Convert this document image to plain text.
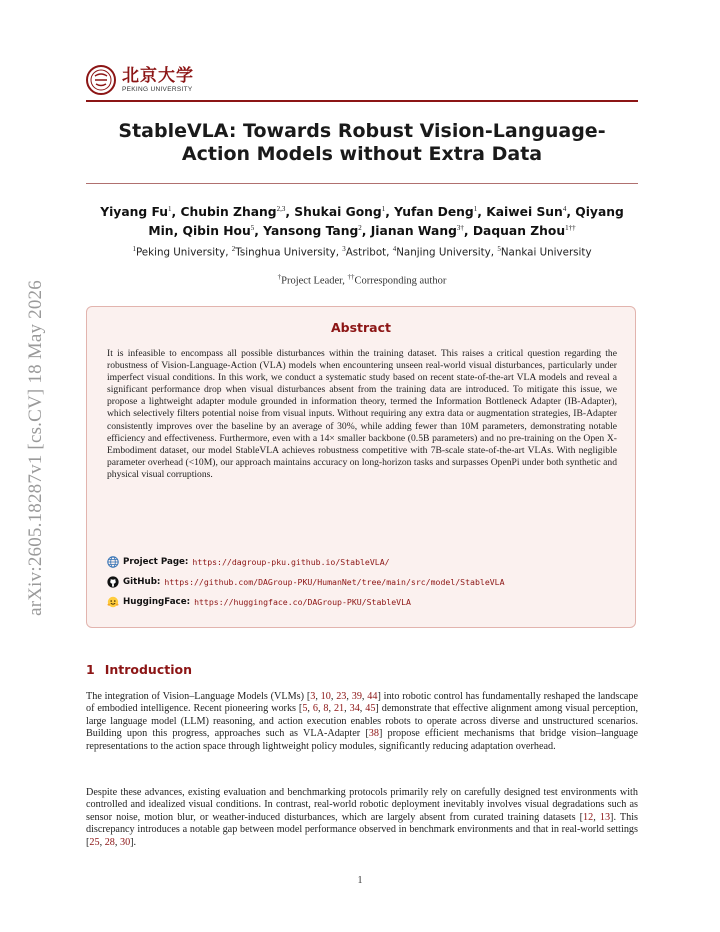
arXiv:2605.18287v1 [cs.CV] 18 May 2026
北京大学
PEKING UNIVERSITY
StableVLA: Towards Robust Vision-Language-Action Models without Extra Data
Yiyang Fu$^1$, Chubin Zhang$^{2,3}$, Shukai Gong$^1$, Yufan Deng$^1$, Kaiwei Sun$^4$, Qiyang Min, Qibin Hou$^5$, Yansong Tang$^2$, Jianan Wang$^{3\dagger}$, Daquan Zhou$^{1\dagger\dagger}$
$^1$Peking University, $^2$Tsinghua University, $^3$Astribot, $^4$Nanjing University, $^5$Nankai University
†Project Leader, ††Corresponding author
Abstract
It is infeasible to encompass all possible disturbances within the training dataset. This raises a critical question regarding the robustness of Vision-Language-Action (VLA) models when encountering unseen real-world visual disturbances, particularly under imperfect visual conditions. In this work, we conduct a systematic study based on recent state-of-the-art VLA models and reveal a significant performance drop when visual disturbances absent from the training data are introduced. To mitigate this issue, we propose a lightweight adapter module grounded in information theory, termed the Information Bottleneck Adapter (IB-Adapter), which selectively filters potential noise from visual inputs. Without requiring any extra data or augmentation strategies, IB-Adapter consistently improves over the baseline by an average of 30%, while adding fewer than 10M parameters, demonstrating notable efficiency and effectiveness. Furthermore, even with a 14× smaller backbone (0.5B parameters) and no pre-training on the Open X-Embodiment dataset, our model StableVLA achieves robustness competitive with 7B-scale state-of-the-art VLAs. With negligible parameter overhead (<10M), our approach maintains accuracy on long-horizon tasks and surpasses OpenPi under both synthetic and physical visual corruptions.
Project Page: https://dagroup-pku.github.io/StableVLA/
GitHub: https://github.com/DAGroup-PKU/HumanNet/tree/main/src/model/StableVLA
HuggingFace: https://huggingface.co/DAGroup-PKU/StableVLA
1 Introduction
The integration of Vision–Language Models (VLMs) [3, 10, 23, 39, 44] into robotic control has fundamentally reshaped the landscape of embodied intelligence. Recent pioneering works [5, 6, 8, 21, 34, 45] demonstrate that effective alignment among visual perception, large language model (LLM) reasoning, and action execution enables robots to operate across diverse and unstructured scenarios. Building upon this progress, approaches such as VLA-Adapter [38] propose efficient mechanisms that bridge vision–language representations to the action space through lightweight policy modules, significantly reducing adaptation overhead.
Despite these advances, existing evaluation and benchmarking protocols primarily rely on carefully designed test environments with controlled and idealized visual conditions. In contrast, real-world robotic deployment inevitably involves visual degradations such as sensor noise, motion blur, or weather-induced disturbances, which are largely absent from curated training datasets [12, 13]. This discrepancy introduces a notable gap between model performance observed in benchmark environments and that in real-world settings [25, 28, 30].
1
